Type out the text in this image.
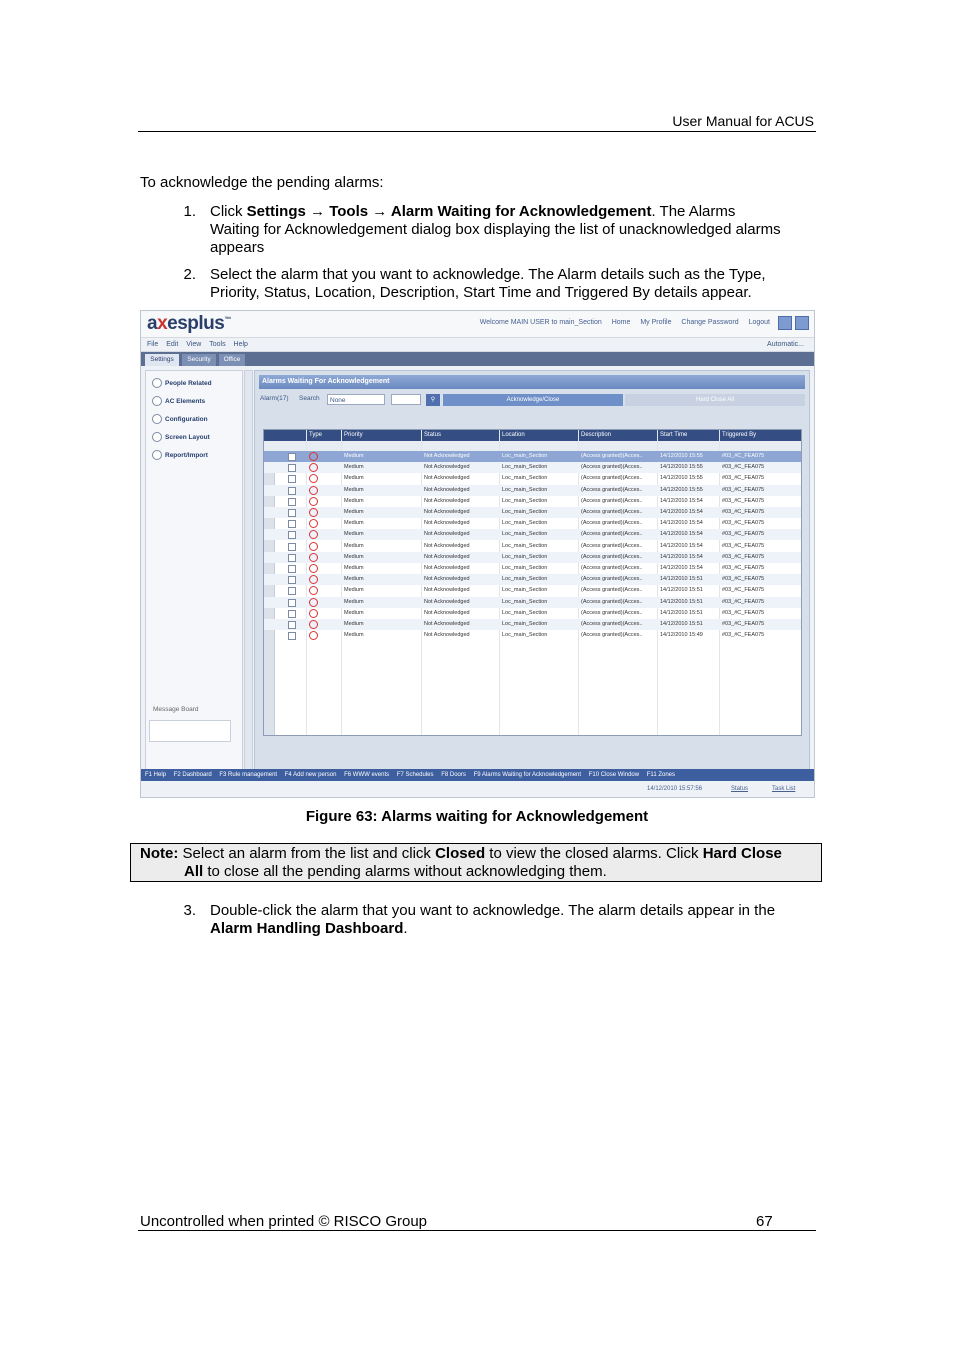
User Manual for ACUS
To acknowledge the pending alarms:
1. Click Settings → Tools → Alarm Waiting for Acknowledgement. The Alarms
Waiting for Acknowledgement dialog box displaying the list of unacknowledged alarms
appears
2. Select the alarm that you want to acknowledge. The Alarm details such as the Type,
Priority, Status, Location, Description, Start Time and Triggered By details appear.
axesplus™	Welcome MAIN USER to main_Section Home My Profile Change Password Logout
File Edit View Tools Help	Automatic...
Settings	Security	Office
People Related
AC Elements
Configuration
Screen Layout
Report/Import
Message Board
Alarms Waiting For Acknowledgement
Alarm(17) Search	None	⚲	Acknowledge/Close	Hard Close All
Type	Priority	Status	Location	Description	Start Time	Triggered By
Medium	Not Acknowledged	Loc_main_Section	(Access granted)(Acces..	14/12/2010 15:55	#03_#C_FEA075
Medium	Not Acknowledged	Loc_main_Section	(Access granted)(Acces..	14/12/2010 15:55	#03_#C_FEA075
Medium	Not Acknowledged	Loc_main_Section	(Access granted)(Acces..	14/12/2010 15:55	#03_#C_FEA075
Medium	Not Acknowledged	Loc_main_Section	(Access granted)(Acces..	14/12/2010 15:55	#03_#C_FEA075
Medium	Not Acknowledged	Loc_main_Section	(Access granted)(Acces..	14/12/2010 15:54	#03_#C_FEA075
Medium	Not Acknowledged	Loc_main_Section	(Access granted)(Acces..	14/12/2010 15:54	#03_#C_FEA075
Medium	Not Acknowledged	Loc_main_Section	(Access granted)(Acces..	14/12/2010 15:54	#03_#C_FEA075
Medium	Not Acknowledged	Loc_main_Section	(Access granted)(Acces..	14/12/2010 15:54	#03_#C_FEA075
Medium	Not Acknowledged	Loc_main_Section	(Access granted)(Acces..	14/12/2010 15:54	#03_#C_FEA075
Medium	Not Acknowledged	Loc_main_Section	(Access granted)(Acces..	14/12/2010 15:54	#03_#C_FEA075
Medium	Not Acknowledged	Loc_main_Section	(Access granted)(Acces..	14/12/2010 15:54	#03_#C_FEA075
Medium	Not Acknowledged	Loc_main_Section	(Access granted)(Acces..	14/12/2010 15:51	#03_#C_FEA075
Medium	Not Acknowledged	Loc_main_Section	(Access granted)(Acces..	14/12/2010 15:51	#03_#C_FEA075
Medium	Not Acknowledged	Loc_main_Section	(Access granted)(Acces..	14/12/2010 15:51	#03_#C_FEA075
Medium	Not Acknowledged	Loc_main_Section	(Access granted)(Acces..	14/12/2010 15:51	#03_#C_FEA075
Medium	Not Acknowledged	Loc_main_Section	(Access granted)(Acces..	14/12/2010 15:51	#03_#C_FEA075
Medium	Not Acknowledged	Loc_main_Section	(Access granted)(Acces..	14/12/2010 15:49	#03_#C_FEA075
F1 Help F2 Dashboard F3 Rule management F4 Add new person F6 WWW events F7 Schedules F8 Doors F9 Alarms Waiting for Acknowledgement F10 Close Window F11 Zones
14/12/2010 15:57:56	Status	Task List
Figure 63: Alarms waiting for Acknowledgement
Note: Select an alarm from the list and click Closed to view the closed alarms. Click Hard Close
All to close all the pending alarms without acknowledging them.
3. Double-click the alarm that you want to acknowledge. The alarm details appear in the
Alarm Handling Dashboard.
Uncontrolled when printed © RISCO Group	67
